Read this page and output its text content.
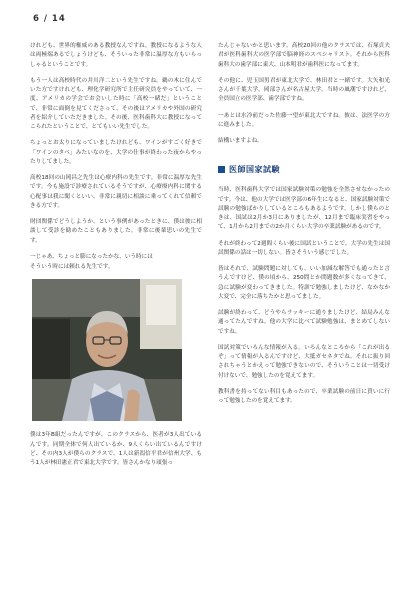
6 / 14

けれども、世界的権威のある教授なんですね。教授になるような人は両極端あるでしょうけども、そういった非常に温厚な方もいらっしゃるということです。

もう一人は高校時代の井川洋二という先生ですね。鵜の木に住んでいた方ですけれども、理化学研究所で主任研究員をやっていて、一度、アメリカの学会でお会いした時に「高校一緒だ」ということで、非常に面倒を見てくださって、その後はアメリカや外国の研究者を紹介していただきました。その後、医科歯科大に教授になってこられたということで、とてもいい先生でした。

ちょっとお太りになっていましたけれども、ワインがすごく好きで「ワインのタベ」みたいなのを、大学の仕事が終わった夜からやったりしてました。

高校18回の山岡昌之先生は心療内科の先生です。非常に温厚な先生です。今も施設で診療されているそうですが、心療療内科に関する心配事は我に聞くといい、非常に親切に相談に乗ってくれて信頼できる方です。

財団関係でどうしようか、という事例があったときに、僕は彼に相談して受診を勧めたこともありました。非常に後輩思いの先生です。

一じゃあ、ちょっと膨になったかな、いう時には

そういう時には頼れる先生です。

僕は3年B組だったんですが、このクラスから、医者が3人出ているんです。同期全体で何人出ているか、9人くらい出ているんですけど、その内3人が僕らのクラスで、1人は新潟信平君が信州大学、もう1人が林田憲正君で東北大学です。皆さんかなり頑張っ

たんじゃないかと思います。高校20回の他のクラスでは、石塚貞夫君が医科歯科大の医学部で脳神経のスペシャリスト。それから医科歯科大の歯学部に東大、山本明君が歯科医になってます。

その他に、児玉国男君が東北大学で、林田君と一緒です。大矢和光さんが千葉大学。岡部さんが名古屋大学。当時の風潮ですけれど、全員国立の医学部、歯学部ですね。

一あとは水冷前だった佐藤一望が東北大ですね。彼は、法医学の方に進みました。

結構いますよね。

医師国家試験

当時、医科歯科大学では国家試験対策の勉強を全然させなかったのです。今は、他の大学では医学部の6年生になると、国家試験対策で試験の勉強ばかりしているところもあるようです。しかし僕らのときは、国試は2月か3月にありましたが、12月まで臨床実習をやって、1月から2月までの2か月くらい大学の卒業試験があるのです。

それが終わって2週間くらい後に国試ということで、大学の先生は国試関係の話は一切しない。皆さそういう感じでした。

皆はそれで、試験問題に対しても、いい加減な解答でも通ったと言うんですけど、僕の頃から、250問とか問題数が多くなってきて、急に試験が変わってきました。特訓で勉強しましたけど、なかなか大変で、完全に落ちたかと思ってました。

試験が終わって、どうやらラッキーに通りましたけど、結局みんな通ってたんですね。他の大学に比べて試験勉強は、まとめてしないですね。

国試対策でいろんな情報が入る。いろんなところから「これが出るぞ」って情報が入るんですけど、大抵ガセネタでね。それに振り回されちゃうとかえって勉強できないので、そういうことは一切受け付けないで、勉強したのを覚えてます。

教科書を持ってない科目もあったので、卒業試験の前日に買いに行って勉強したのを覚えてます。
